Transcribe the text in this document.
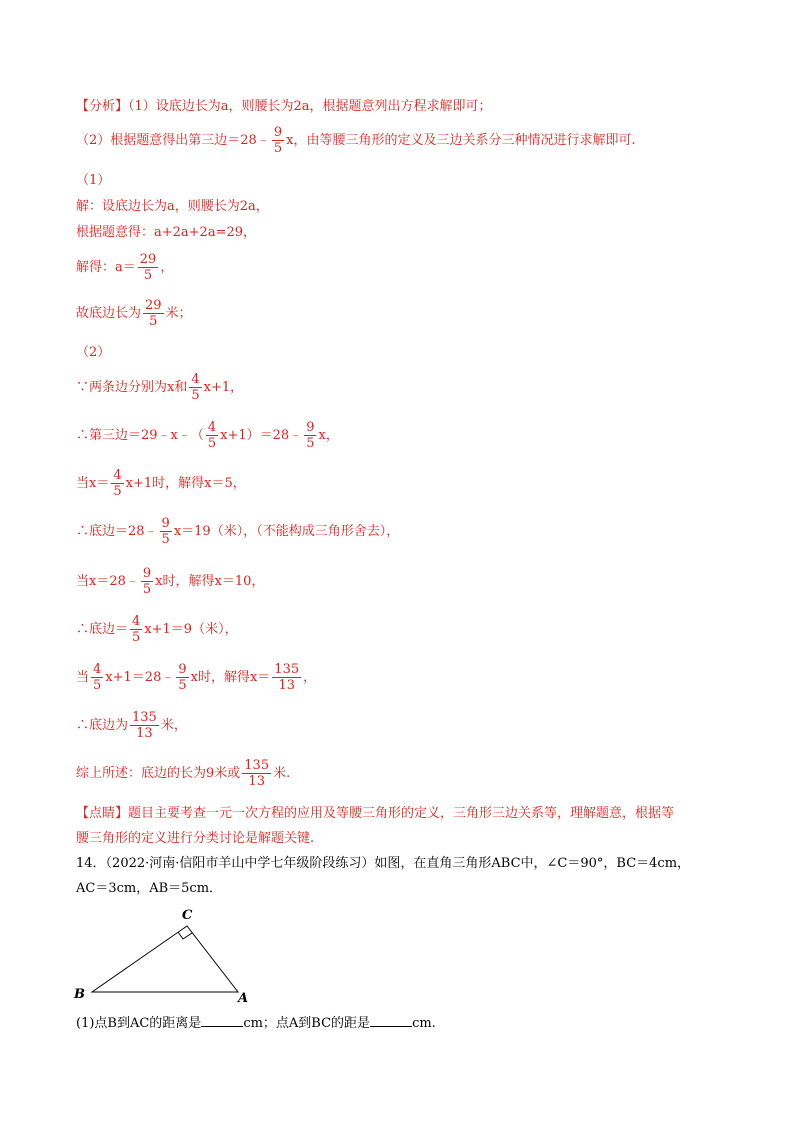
【分析】（1）设底边长为a，则腰长为2a，根据题意列出方程求解即可；
（2）根据题意得出第三边＝28﹣ $\frac{9}{5}$ x，由等腰三角形的定义及三边关系分三种情况进行求解即可.
（1）
解：设底边长为a，则腰长为2a，
根据题意得：a+2a+2a=29，
解得：$a= \frac{29}{5}$ ，
故底边长为 $\frac{29}{5}$ 米；
（2）
∵两条边分别为x和 $\frac{4}{5} x+1$，
∴第三边＝29﹣x﹣（ $\frac{4}{5}$ x+1）＝28﹣ $\frac{9}{5}$ x，
当$x= \frac{4}{5} x+1$时，解得x＝5，
∴底边＝28﹣ $\frac{9}{5} x=19$（米），（不能构成三角形舍去），
当x＝28﹣ $\frac{9}{5}$ x时，解得x＝10，
∴底边＝ $\frac{4}{5} x+1=9$（米），
当 $\frac{4}{5}$ x+1＝28﹣ $\frac{9}{5}$ x时，解得$x= \frac{135}{13}$ ，
∴底边为 $\frac{135}{13}$ 米，
综上所述：底边的长为9米或 $\frac{135}{13}$ 米.
【点睛】题目主要考查一元一次方程的应用及等腰三角形的定义，三角形三边关系等，理解题意，根据等
腰三角形的定义进行分类讨论是解题关键.
14．（2022·河南·信阳市羊山中学七年级阶段练习）如图，在直角三角形ABC中，∠C＝90°，BC＝4cm，
AC＝3cm，AB＝5cm．
C
B	A
(1)点B到AC的距离是	cm；点A到BC的距是	cm.
